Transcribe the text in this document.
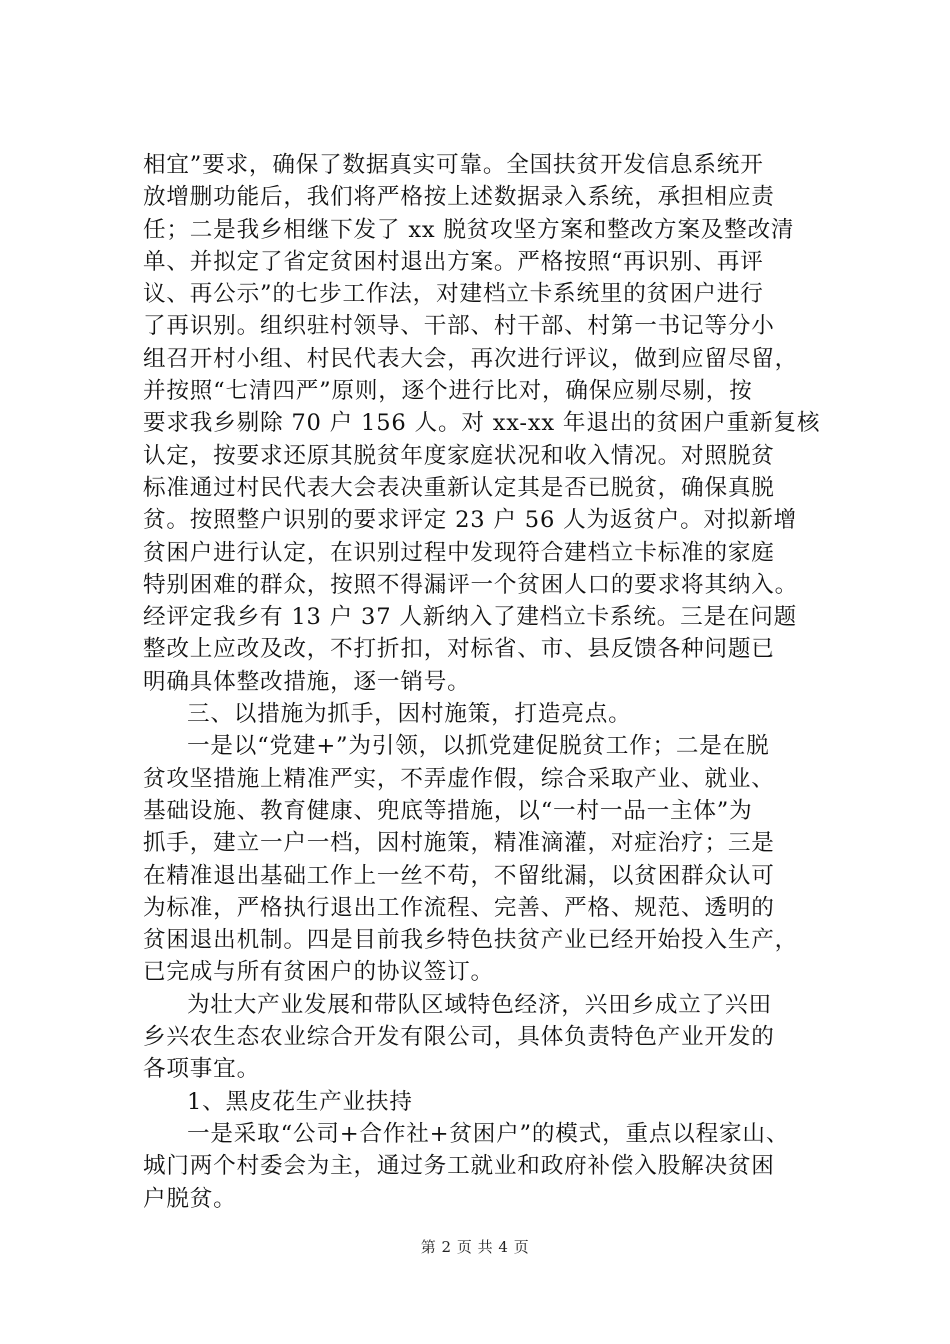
相宜”要求，确保了数据真实可靠。全国扶贫开发信息系统开
放增删功能后，我们将严格按上述数据录入系统，承担相应责
任；二是我乡相继下发了 xx 脱贫攻坚方案和整改方案及整改清
单、并拟定了省定贫困村退出方案。严格按照“再识别、再评
议、再公示”的七步工作法，对建档立卡系统里的贫困户进行
了再识别。组织驻村领导、干部、村干部、村第一书记等分小
组召开村小组、村民代表大会，再次进行评议，做到应留尽留，
并按照“七清四严”原则，逐个进行比对，确保应剔尽剔，按
要求我乡剔除 70 户 156 人。对 xx-xx 年退出的贫困户重新复核
认定，按要求还原其脱贫年度家庭状况和收入情况。对照脱贫
标准通过村民代表大会表决重新认定其是否已脱贫，确保真脱
贫。按照整户识别的要求评定 23 户 56 人为返贫户。对拟新增
贫困户进行认定，在识别过程中发现符合建档立卡标准的家庭
特别困难的群众，按照不得漏评一个贫困人口的要求将其纳入。
经评定我乡有 13 户 37 人新纳入了建档立卡系统。三是在问题
整改上应改及改，不打折扣，对标省、市、县反馈各种问题已
明确具体整改措施，逐一销号。
三、以措施为抓手，因村施策，打造亮点。
一是以“党建+”为引领，以抓党建促脱贫工作；二是在脱
贫攻坚措施上精准严实，不弄虚作假，综合采取产业、就业、
基础设施、教育健康、兜底等措施，以“一村一品一主体”为
抓手，建立一户一档，因村施策，精准滴灌，对症治疗；三是
在精准退出基础工作上一丝不苟，不留纰漏，以贫困群众认可
为标准，严格执行退出工作流程、完善、严格、规范、透明的
贫困退出机制。四是目前我乡特色扶贫产业已经开始投入生产，
已完成与所有贫困户的协议签订。
为壮大产业发展和带队区域特色经济，兴田乡成立了兴田
乡兴农生态农业综合开发有限公司，具体负责特色产业开发的
各项事宜。
1、黑皮花生产业扶持
一是采取“公司+合作社+贫困户”的模式，重点以程家山、
城门两个村委会为主，通过务工就业和政府补偿入股解决贫困
户脱贫。
第 2 页 共 4 页
